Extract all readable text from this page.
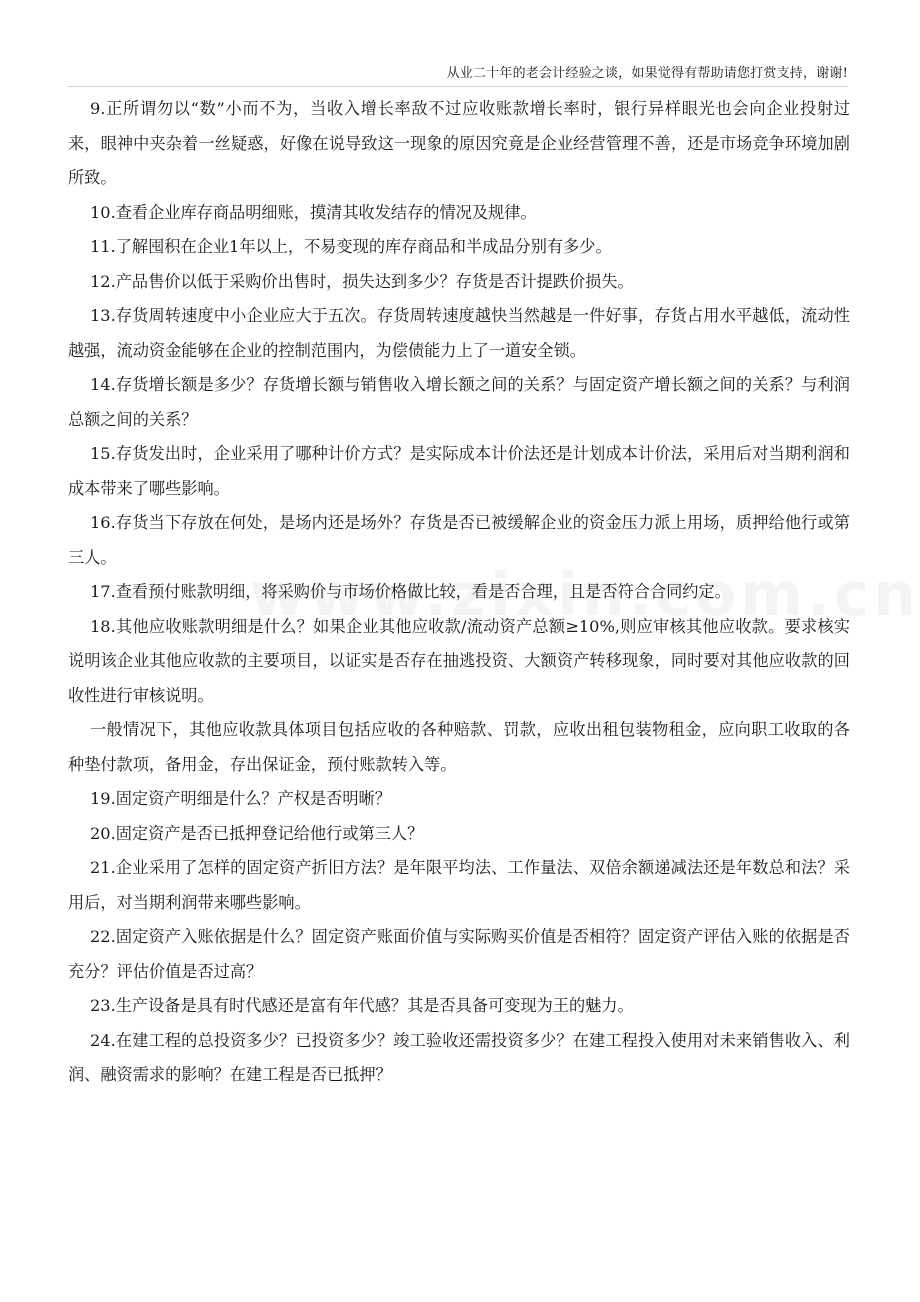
从业二十年的老会计经验之谈，如果觉得有帮助请您打赏支持，谢谢!

9.正所谓勿以“数”小而不为，当收入增长率敌不过应收账款增长率时，银行异样眼光也会向企业投射过来，眼神中夹杂着一丝疑惑，好像在说导致这一现象的原因究竟是企业经营管理不善，还是市场竞争环境加剧所致。

10.查看企业库存商品明细账，摸清其收发结存的情况及规律。

11.了解囤积在企业1年以上，不易变现的库存商品和半成品分别有多少。

12.产品售价以低于采购价出售时，损失达到多少？存货是否计提跌价损失。

13.存货周转速度中小企业应大于五次。存货周转速度越快当然越是一件好事，存货占用水平越低，流动性越强，流动资金能够在企业的控制范围内，为偿债能力上了一道安全锁。

14.存货增长额是多少？存货增长额与销售收入增长额之间的关系？与固定资产增长额之间的关系？与利润总额之间的关系？

15.存货发出时，企业采用了哪种计价方式？是实际成本计价法还是计划成本计价法，采用后对当期利润和成本带来了哪些影响。

16.存货当下存放在何处，是场内还是场外？存货是否已被缓解企业的资金压力派上用场，质押给他行或第三人。

17.查看预付账款明细，将采购价与市场价格做比较，看是否合理，且是否符合合同约定。

18.其他应收账款明细是什么？如果企业其他应收款/流动资产总额≥10%,则应审核其他应收款。要求核实说明该企业其他应收款的主要项目，以证实是否存在抽逃投资、大额资产转移现象，同时要对其他应收款的回收性进行审核说明。

一般情况下，其他应收款具体项目包括应收的各种赔款、罚款，应收出租包装物租金，应向职工收取的各种垫付款项，备用金，存出保证金，预付账款转入等。

19.固定资产明细是什么？产权是否明晰？

20.固定资产是否已抵押登记给他行或第三人？

21.企业采用了怎样的固定资产折旧方法？是年限平均法、工作量法、双倍余额递减法还是年数总和法？采用后，对当期利润带来哪些影响。

22.固定资产入账依据是什么？固定资产账面价值与实际购买价值是否相符？固定资产评估入账的依据是否充分？评估价值是否过高？

23.生产设备是具有时代感还是富有年代感？其是否具备可变现为王的魅力。

24.在建工程的总投资多少？已投资多少？竣工验收还需投资多少？在建工程投入使用对未来销售收入、利润、融资需求的影响？在建工程是否已抵押？
